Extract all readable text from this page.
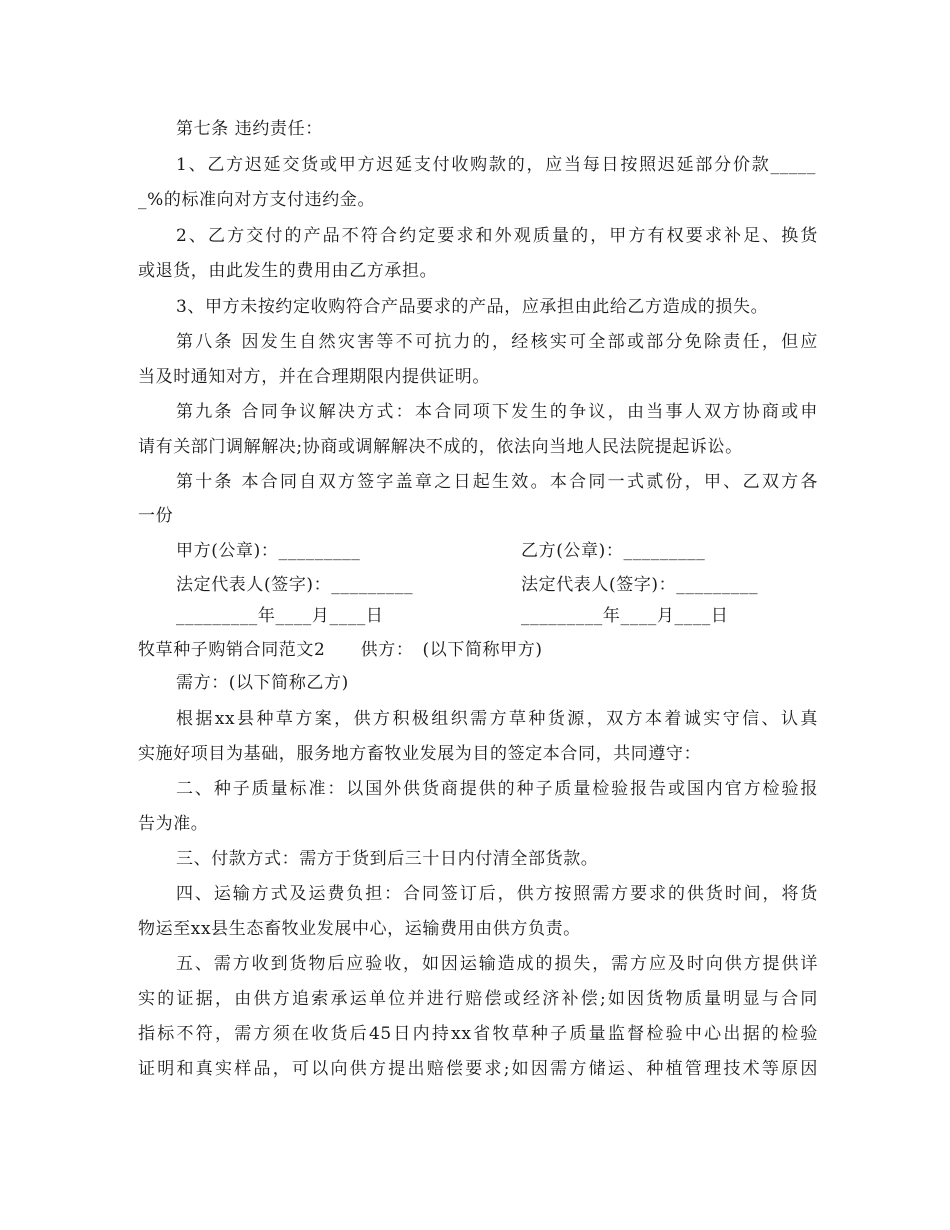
第七条 违约责任：
1、乙方迟延交货或甲方迟延支付收购款的，应当每日按照迟延部分价款_____
_%的标准向对方支付违约金。
2、乙方交付的产品不符合约定要求和外观质量的，甲方有权要求补足、换货
或退货，由此发生的费用由乙方承担。
3、甲方未按约定收购符合产品要求的产品，应承担由此给乙方造成的损失。
第八条 因发生自然灾害等不可抗力的，经核实可全部或部分免除责任，但应
当及时通知对方，并在合理期限内提供证明。
第九条 合同争议解决方式：本合同项下发生的争议，由当事人双方协商或申
请有关部门调解解决;协商或调解解决不成的，依法向当地人民法院提起诉讼。
第十条 本合同自双方签字盖章之日起生效。本合同一式贰份，甲、乙双方各
一份
甲方(公章)：_________	乙方(公章)：_________
法定代表人(签字)：_________	法定代表人(签字)：_________
_________年____月____日	_________年____月____日
牧草种子购销合同范文2　　供方：　(以下简称甲方)
需方：(以下简称乙方)
根据xx县种草方案，供方积极组织需方草种货源，双方本着诚实守信、认真
实施好项目为基础，服务地方畜牧业发展为目的签定本合同，共同遵守：
二、种子质量标准：以国外供货商提供的种子质量检验报告或国内官方检验报
告为准。
三、付款方式：需方于货到后三十日内付清全部货款。
四、运输方式及运费负担：合同签订后，供方按照需方要求的供货时间，将货
物运至xx县生态畜牧业发展中心，运输费用由供方负责。
五、需方收到货物后应验收，如因运输造成的损失，需方应及时向供方提供详
实的证据，由供方追索承运单位并进行赔偿或经济补偿;如因货物质量明显与合同
指标不符，需方须在收货后45日内持xx省牧草种子质量监督检验中心出据的检验
证明和真实样品，可以向供方提出赔偿要求;如因需方储运、种植管理技术等原因
